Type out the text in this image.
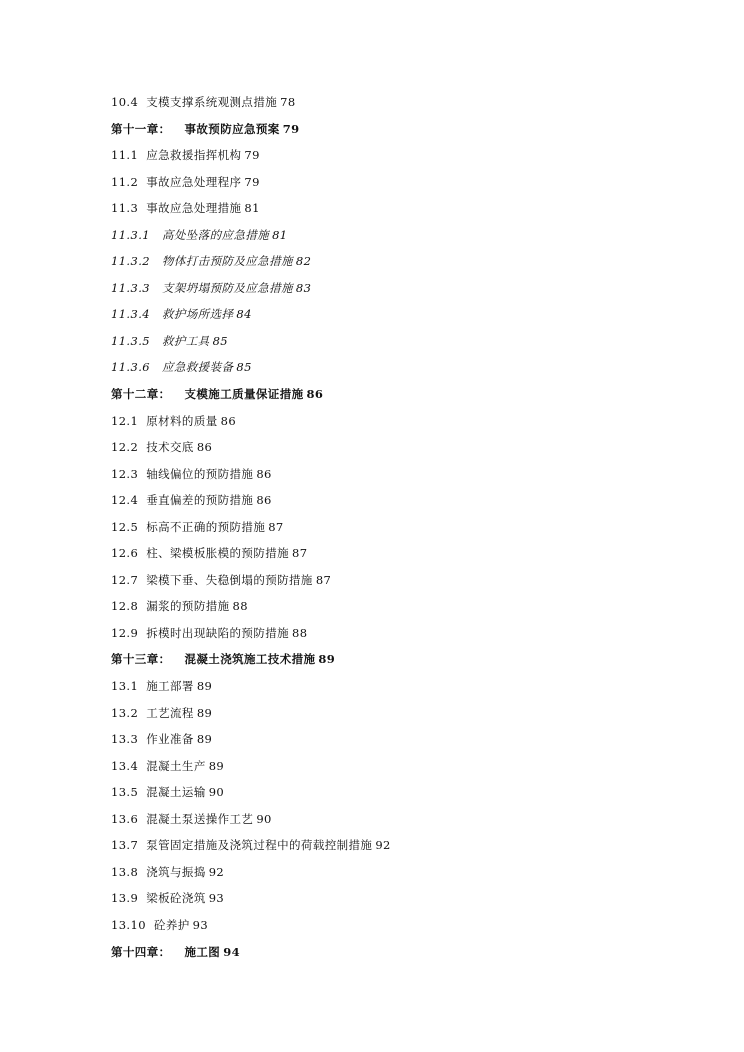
10.4 支模支撑系统观测点措施 78
第十一章： 事故预防应急预案 79
11.1 应急救援指挥机构 79
11.2 事故应急处理程序 79
11.3 事故应急处理措施 81
11.3.1 高处坠落的应急措施 81
11.3.2 物体打击预防及应急措施 82
11.3.3 支架坍塌预防及应急措施 83
11.3.4 救护场所选择 84
11.3.5 救护工具 85
11.3.6 应急救援装备 85
第十二章： 支模施工质量保证措施 86
12.1 原材料的质量 86
12.2 技术交底 86
12.3 轴线偏位的预防措施 86
12.4 垂直偏差的预防措施 86
12.5 标高不正确的预防措施 87
12.6 柱、梁模板胀模的预防措施 87
12.7 梁模下垂、失稳倒塌的预防措施 87
12.8 漏浆的预防措施 88
12.9 拆模时出现缺陷的预防措施 88
第十三章： 混凝土浇筑施工技术措施 89
13.1 施工部署 89
13.2 工艺流程 89
13.3 作业准备 89
13.4 混凝土生产 89
13.5 混凝土运输 90
13.6 混凝土泵送操作工艺 90
13.7 泵管固定措施及浇筑过程中的荷载控制措施 92
13.8 浇筑与振捣 92
13.9 梁板砼浇筑 93
13.10 砼养护 93
第十四章： 施工图 94
